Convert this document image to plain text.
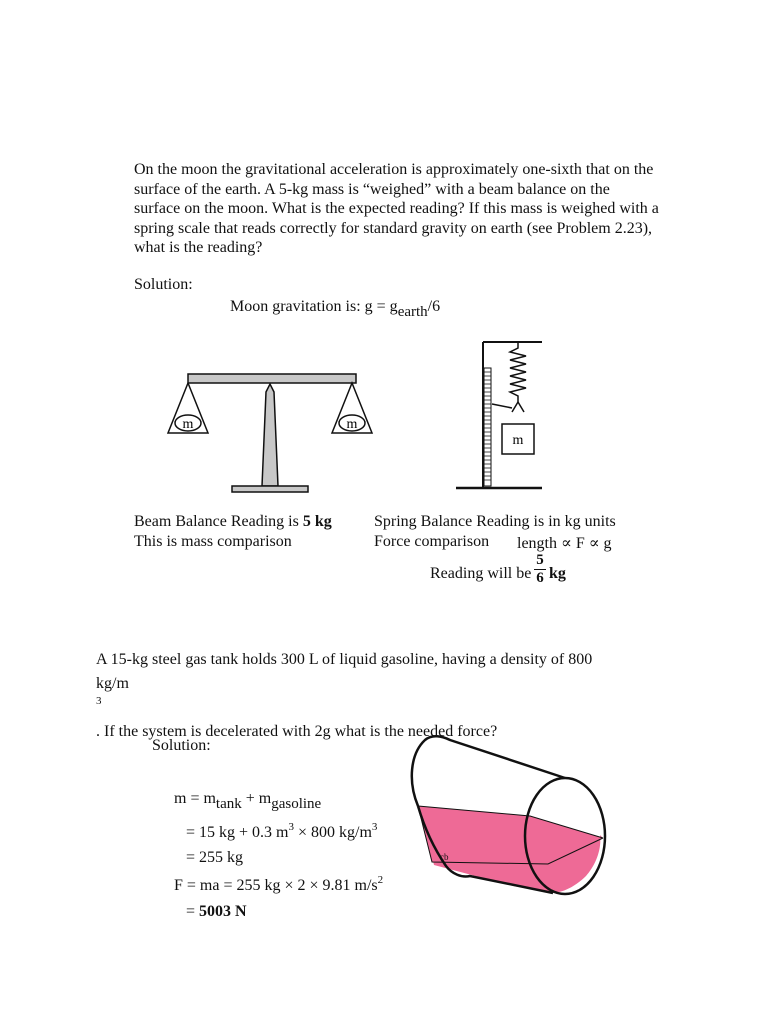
On the moon the gravitational acceleration is approximately one-sixth that on the
surface of the earth. A 5-kg mass is “weighed” with a beam balance on the
surface on the moon. What is the expected reading? If this mass is weighed with a
spring scale that reads correctly for standard gravity on earth (see Problem 2.23),
what is the reading?
Solution:
Moon gravitation is: g = gearth/6
m	m
m
cb
Beam Balance Reading is 5 kg
This is mass comparison
Spring Balance Reading is in kg units
Force comparison length ∝ F ∝ g
Reading will be $\frac{5}{6}$ kg
A 15-kg steel gas tank holds 300 L of liquid gasoline, having a density of 800
kg/m
3
. If the system is decelerated with 2g what is the needed force?
Solution:
m = mtank + mgasoline
= 15 kg + 0.3 $m^3 \times 800$ $kg/m^3$
= 255 kg
F = ma = 255 kg × 2 × 9.81 $m/s^2$
= 5003 N
